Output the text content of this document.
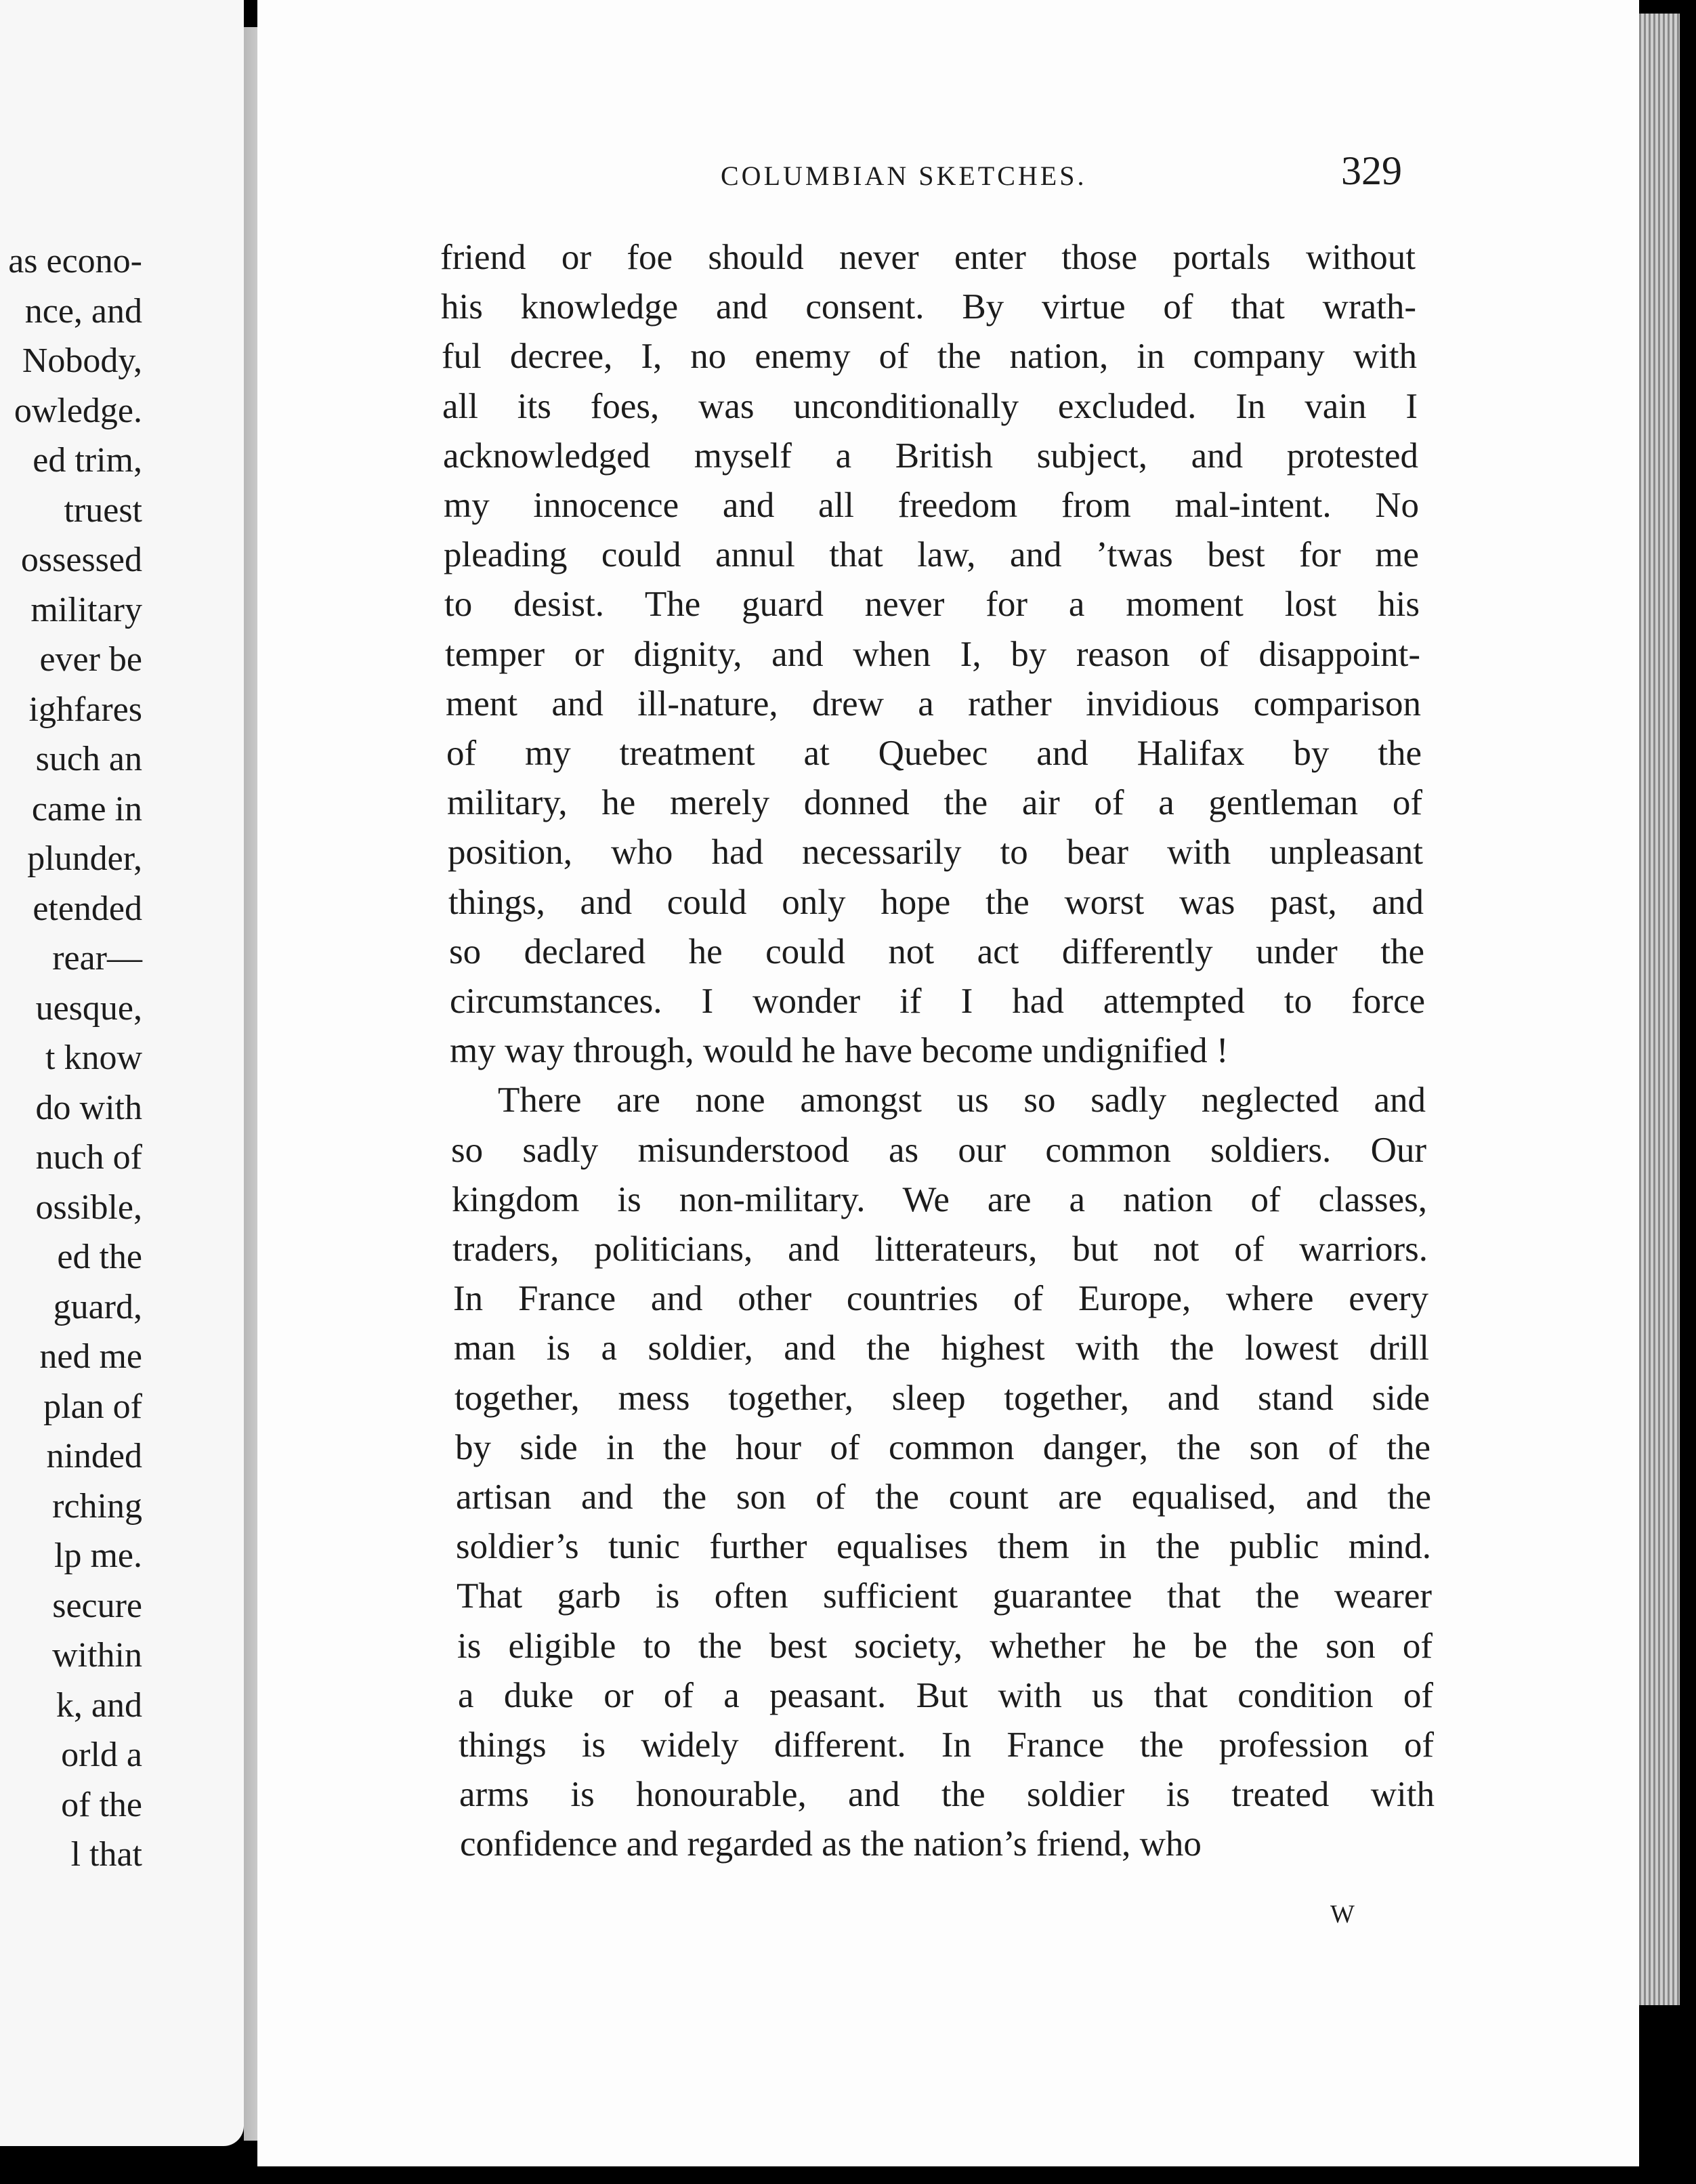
as econo-
nce, and
Nobody,
owledge.
ed trim,
truest
ossessed
military
ever be
ighfares
such an
came in
plunder,
etended
rear—
uesque,
t know
do with
nuch of
ossible,
ed the
guard,
ned me
plan of
ninded
rching
lp me.
secure
within
k, and
orld a
of the
l that
COLUMBIAN SKETCHES.	329
friend or foe should never enter those portals without
his knowledge and consent. By virtue of that wrath-
ful decree, I, no enemy of the nation, in company with
all its foes, was unconditionally excluded. In vain I
acknowledged myself a British subject, and protested
my innocence and all freedom from mal-intent. No
pleading could annul that law, and ’twas best for me
to desist. The guard never for a moment lost his
temper or dignity, and when I, by reason of disappoint-
ment and ill-nature, drew a rather invidious comparison
of my treatment at Quebec and Halifax by the
military, he merely donned the air of a gentleman of
position, who had necessarily to bear with unpleasant
things, and could only hope the worst was past, and
so declared he could not act differently under the
circumstances. I wonder if I had attempted to force
my way through, would he have become undignified !
There are none amongst us so sadly neglected and
so sadly misunderstood as our common soldiers. Our
kingdom is non-military. We are a nation of classes,
traders, politicians, and litterateurs, but not of warriors.
In France and other countries of Europe, where every
man is a soldier, and the highest with the lowest drill
together, mess together, sleep together, and stand side
by side in the hour of common danger, the son of the
artisan and the son of the count are equalised, and the
soldier’s tunic further equalises them in the public mind.
That garb is often sufficient guarantee that the wearer
is eligible to the best society, whether he be the son of
a duke or of a peasant. But with us that condition of
things is widely different. In France the profession of
arms is honourable, and the soldier is treated with
confidence and regarded as the nation’s friend, who
W
